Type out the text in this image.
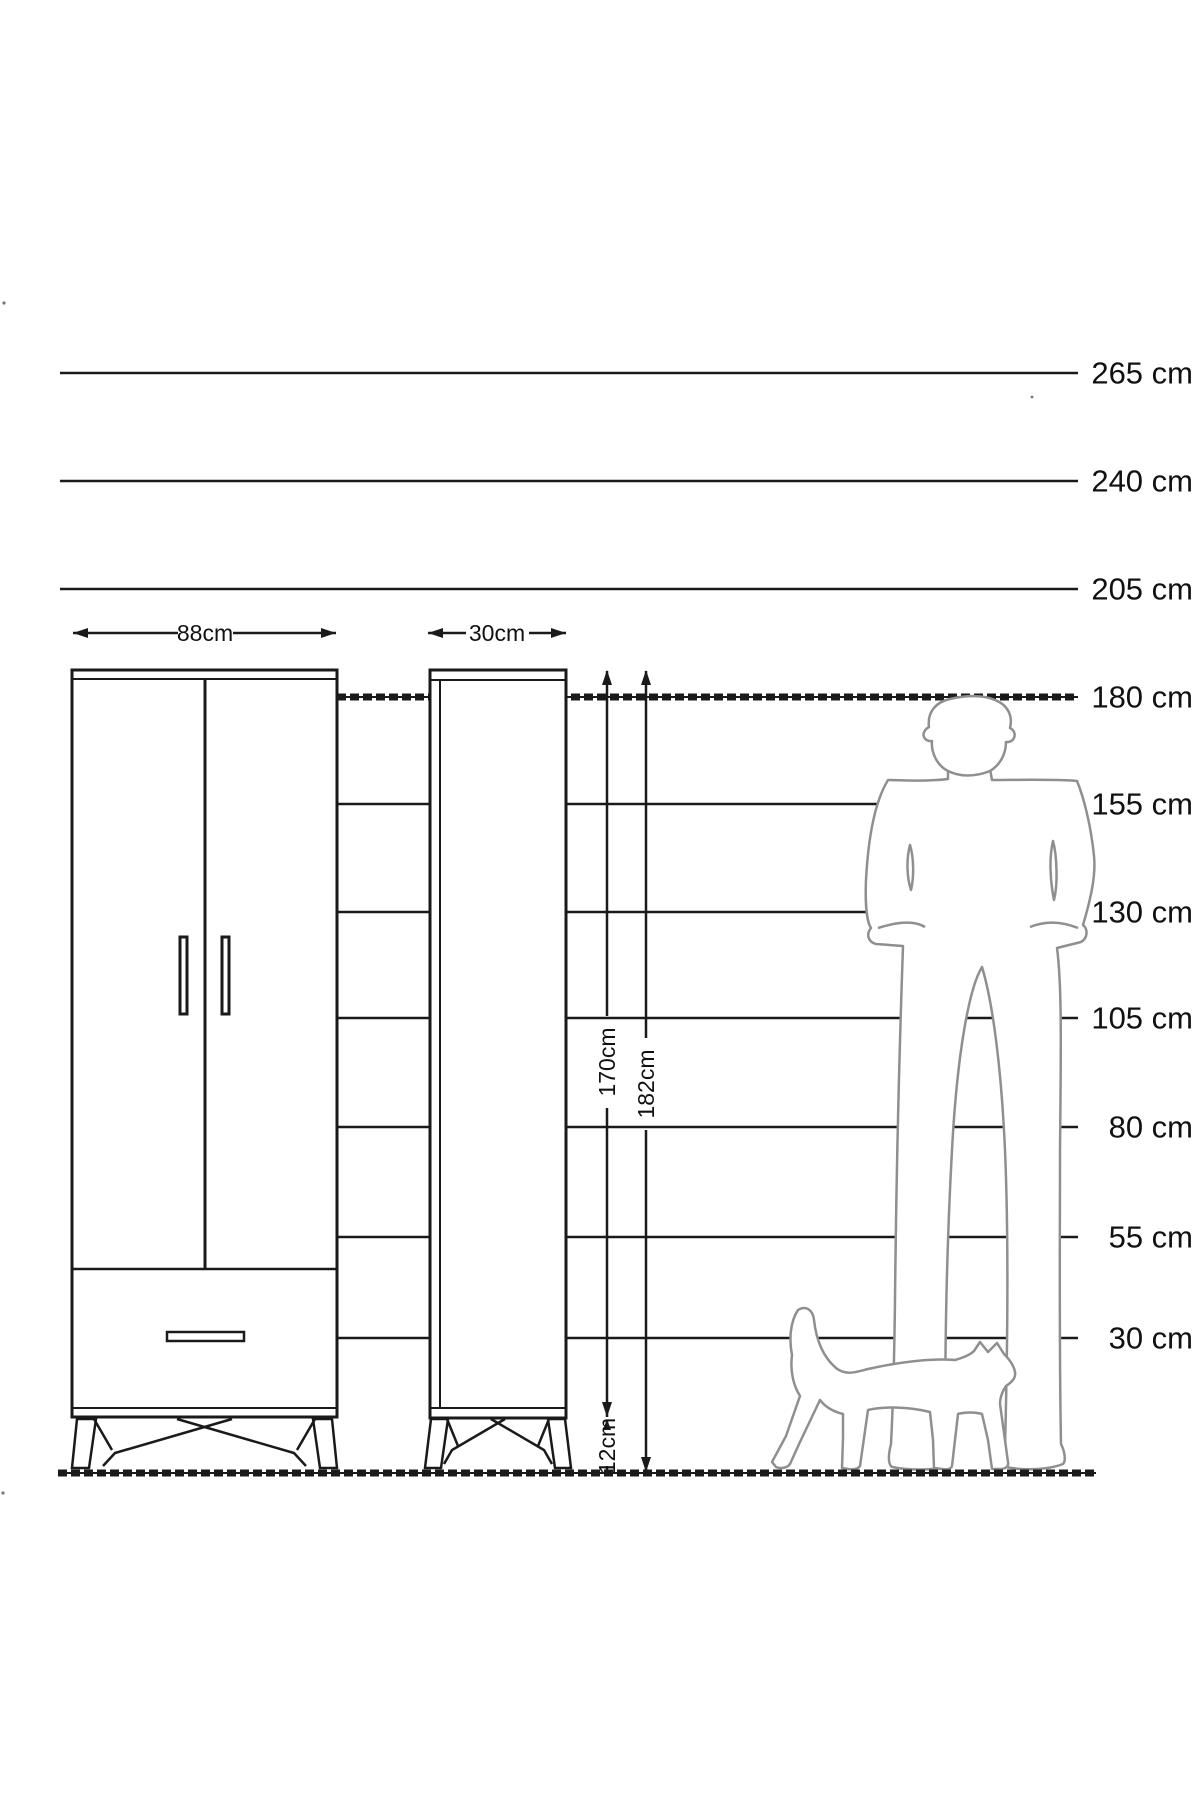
88cm	30cm
170cm 182cm
12cm
265 cm
240 cm
205 cm
180 cm
155 cm
130 cm
105 cm
80 cm
55 cm
30 cm
